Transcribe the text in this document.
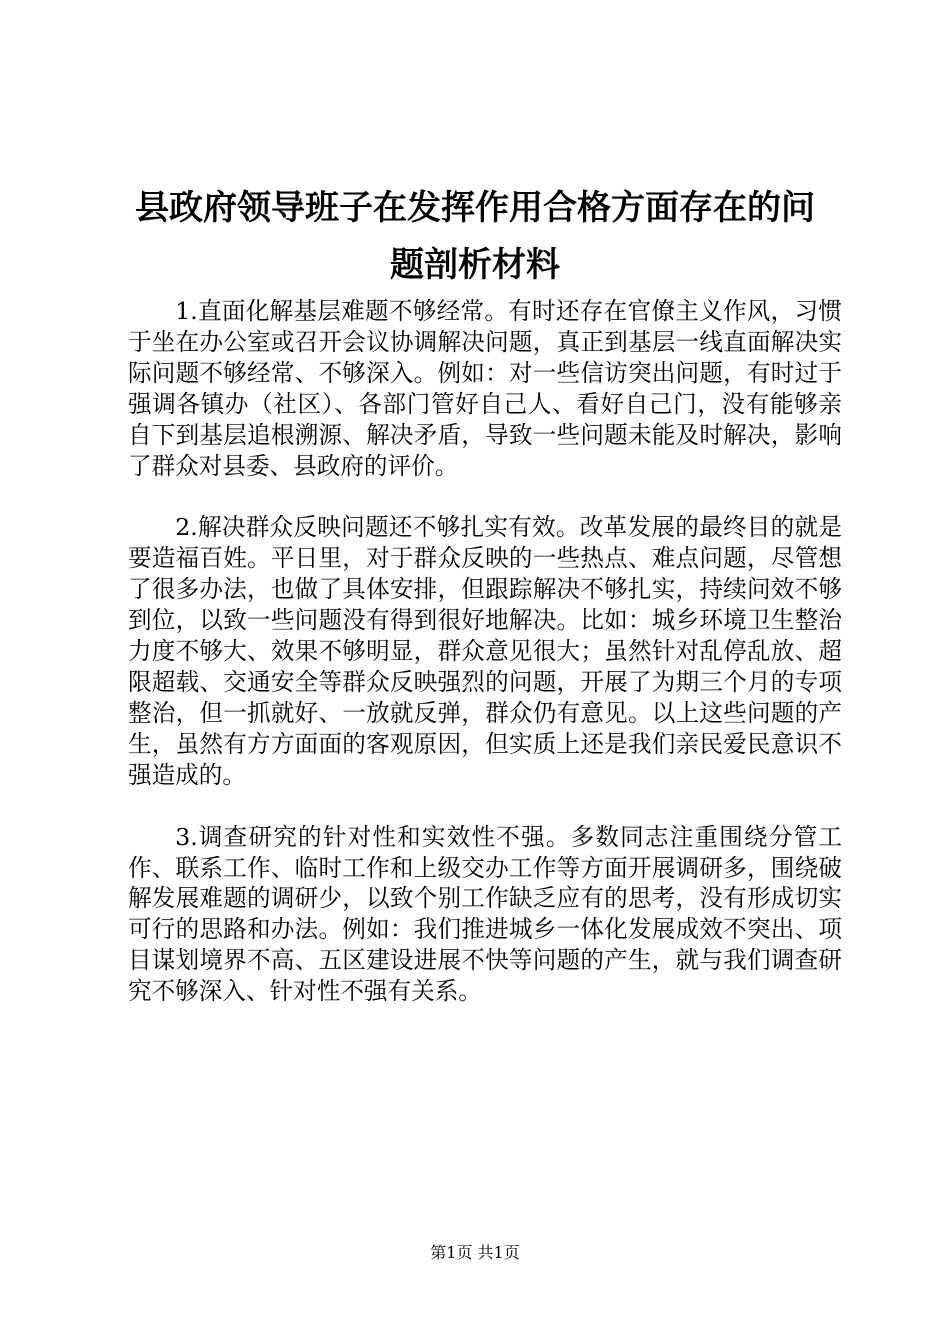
县政府领导班子在发挥作用合格方面存在的问题剖析材料

1.直面化解基层难题不够经常。有时还存在官僚主义作风，习惯于坐在办公室或召开会议协调解决问题，真正到基层一线直面解决实际问题不够经常、不够深入。例如：对一些信访突出问题，有时过于强调各镇办（社区）、各部门管好自己人、看好自己门，没有能够亲自下到基层追根溯源、解决矛盾，导致一些问题未能及时解决，影响了群众对县委、县政府的评价。

2.解决群众反映问题还不够扎实有效。改革发展的最终目的就是要造福百姓。平日里，对于群众反映的一些热点、难点问题，尽管想了很多办法，也做了具体安排，但跟踪解决不够扎实，持续问效不够到位，以致一些问题没有得到很好地解决。比如：城乡环境卫生整治力度不够大、效果不够明显，群众意见很大；虽然针对乱停乱放、超限超载、交通安全等群众反映强烈的问题，开展了为期三个月的专项整治，但一抓就好、一放就反弹，群众仍有意见。以上这些问题的产生，虽然有方方面面的客观原因，但实质上还是我们亲民爱民意识不强造成的。

3.调查研究的针对性和实效性不强。多数同志注重围绕分管工作、联系工作、临时工作和上级交办工作等方面开展调研多，围绕破解发展难题的调研少，以致个别工作缺乏应有的思考，没有形成切实可行的思路和办法。例如：我们推进城乡一体化发展成效不突出、项目谋划境界不高、五区建设进展不快等问题的产生，就与我们调查研究不够深入、针对性不强有关系。

第1页 共1页
